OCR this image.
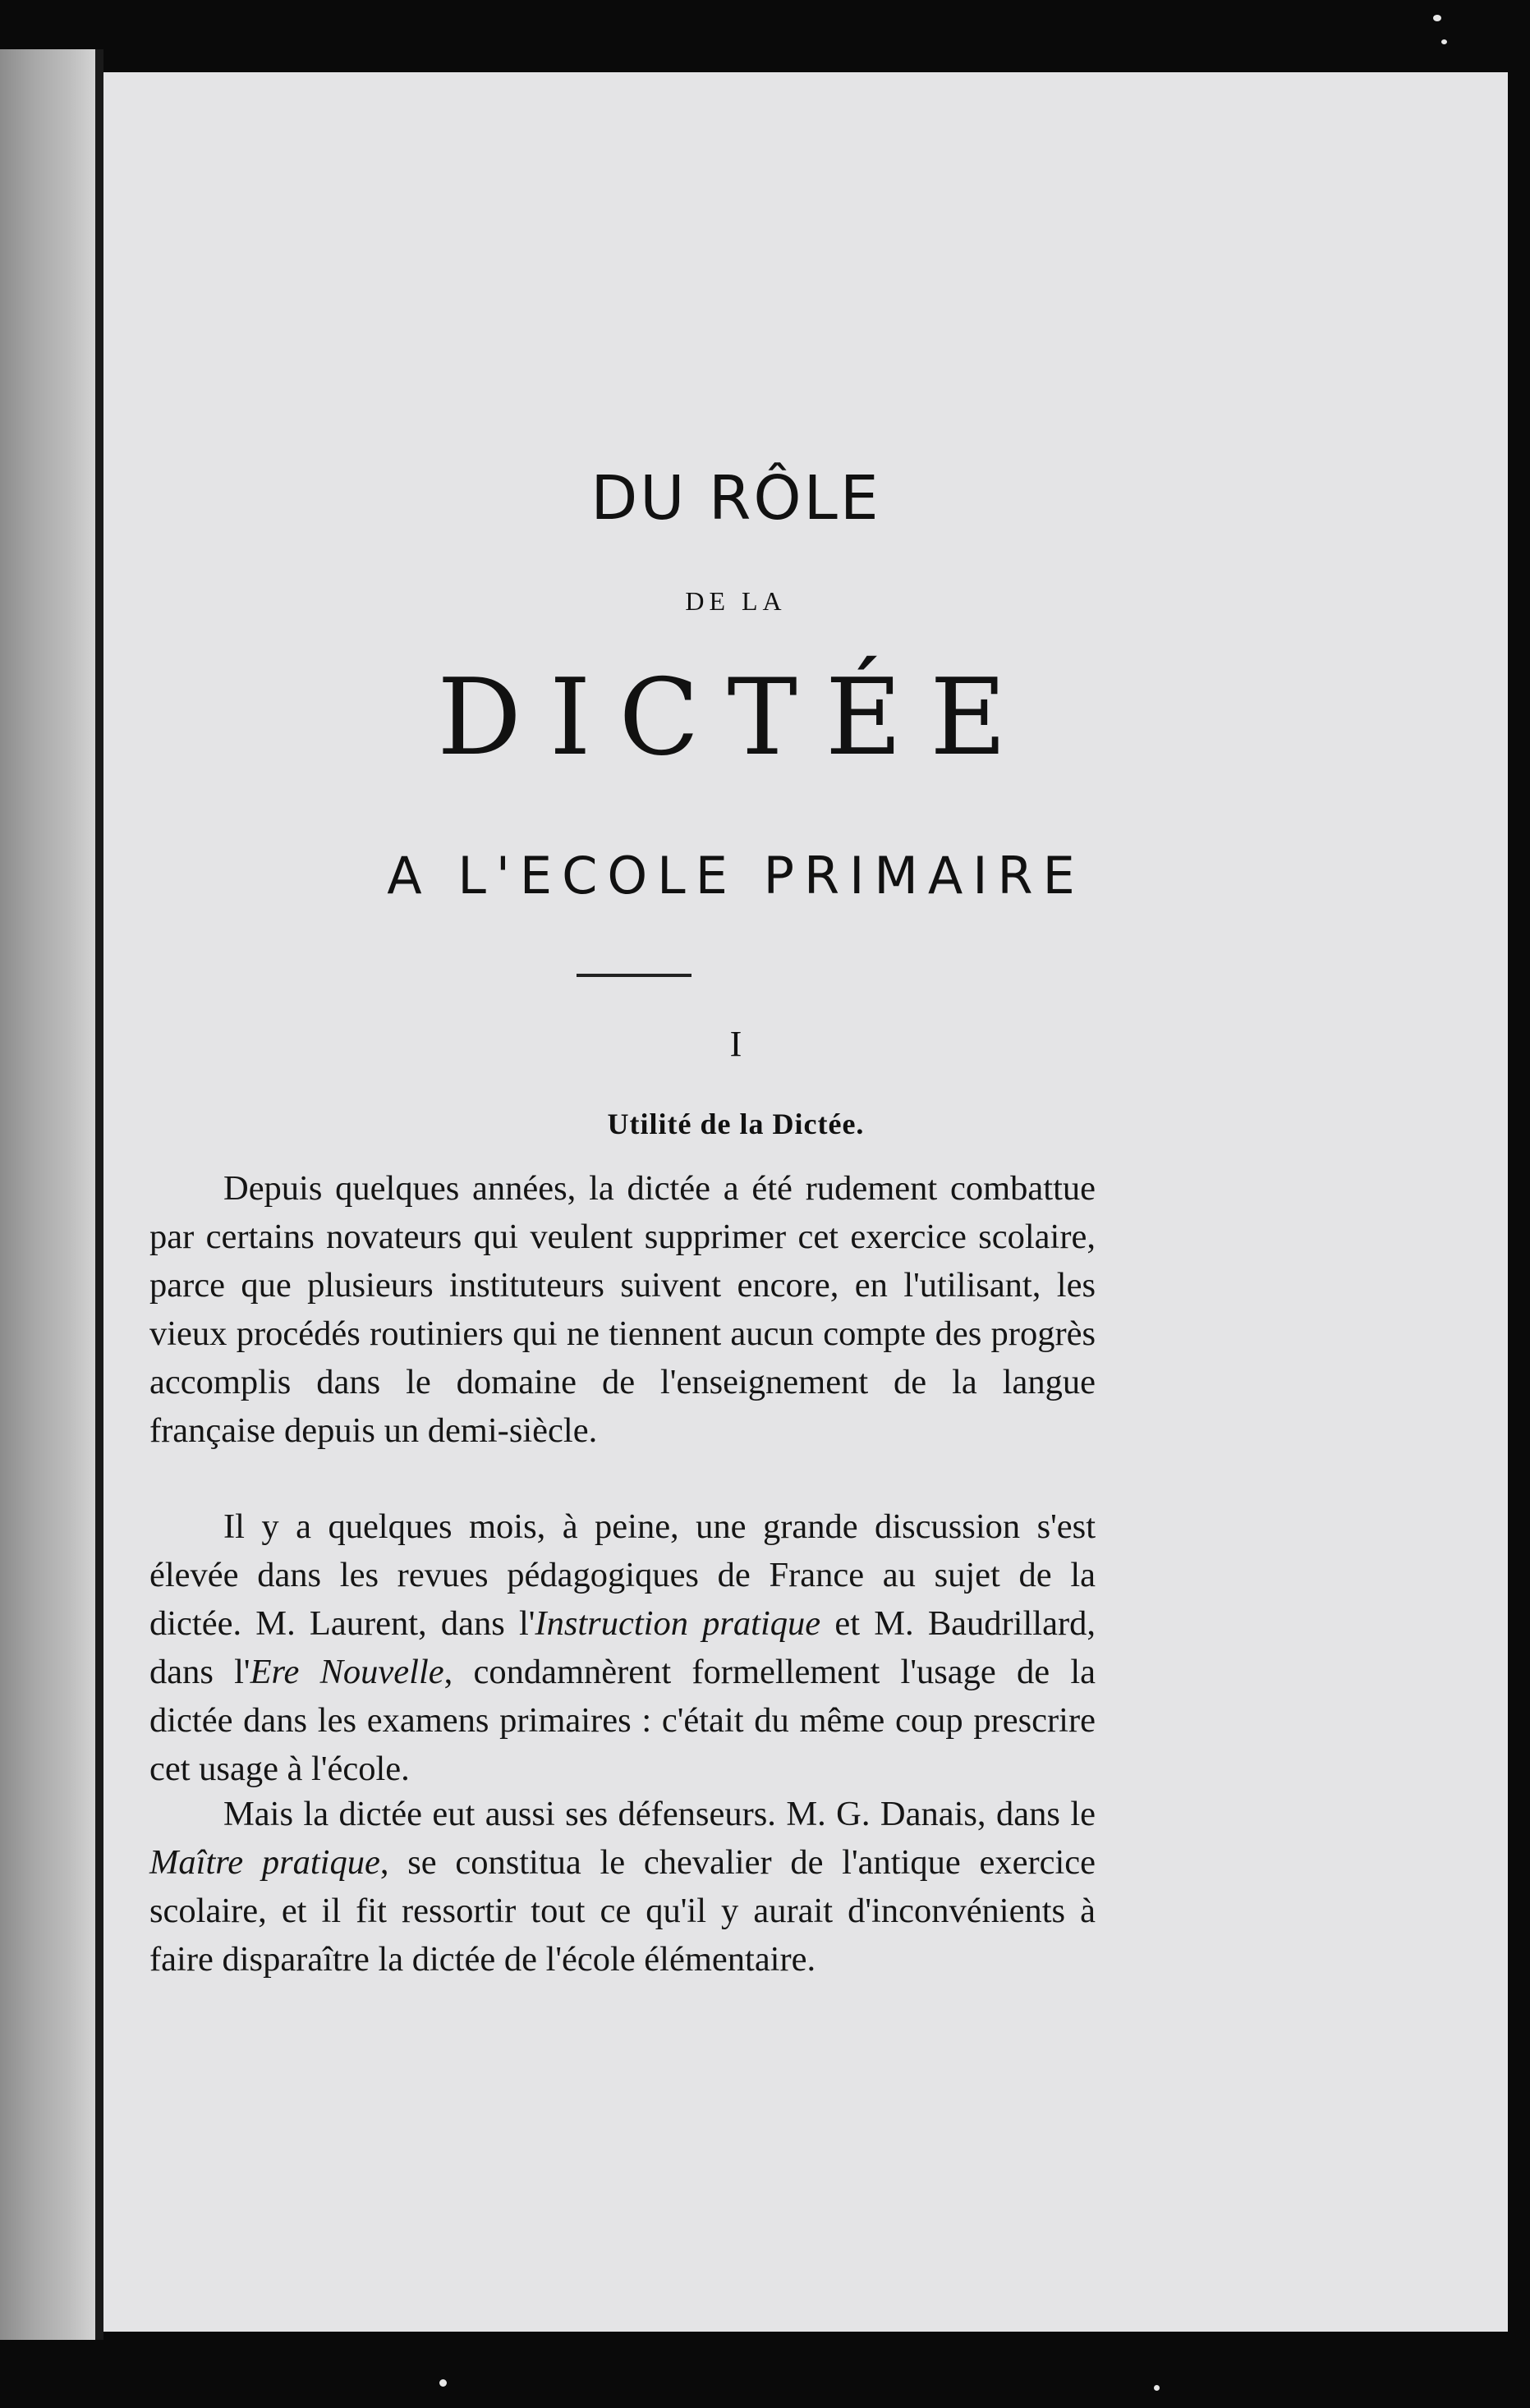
DU RÔLE
DE LA
DICTÉE
A L'ECOLE PRIMAIRE
I
Utilité de la Dictée.

Depuis quelques années, la dictée a été rudement combattue par certains novateurs qui veulent supprimer cet exercice scolaire, parce que plusieurs instituteurs suivent encore, en l'utilisant, les vieux procédés routiniers qui ne tiennent aucun compte des progrès accomplis dans le domaine de l'enseignement de la langue française depuis un demi-siècle.

Il y a quelques mois, à peine, une grande discussion s'est élevée dans les revues pédagogiques de France au sujet de la dictée. M. Laurent, dans l'Instruction pratique et M. Baudrillard, dans l'Ere Nouvelle, condamnèrent formellement l'usage de la dictée dans les examens primaires : c'était du même coup prescrire cet usage à l'école.

Mais la dictée eut aussi ses défenseurs. M. G. Danais, dans le Maître pratique, se constitua le chevalier de l'antique exercice scolaire, et il fit ressortir tout ce qu'il y aurait d'inconvénients à faire disparaître la dictée de l'école élémentaire.
